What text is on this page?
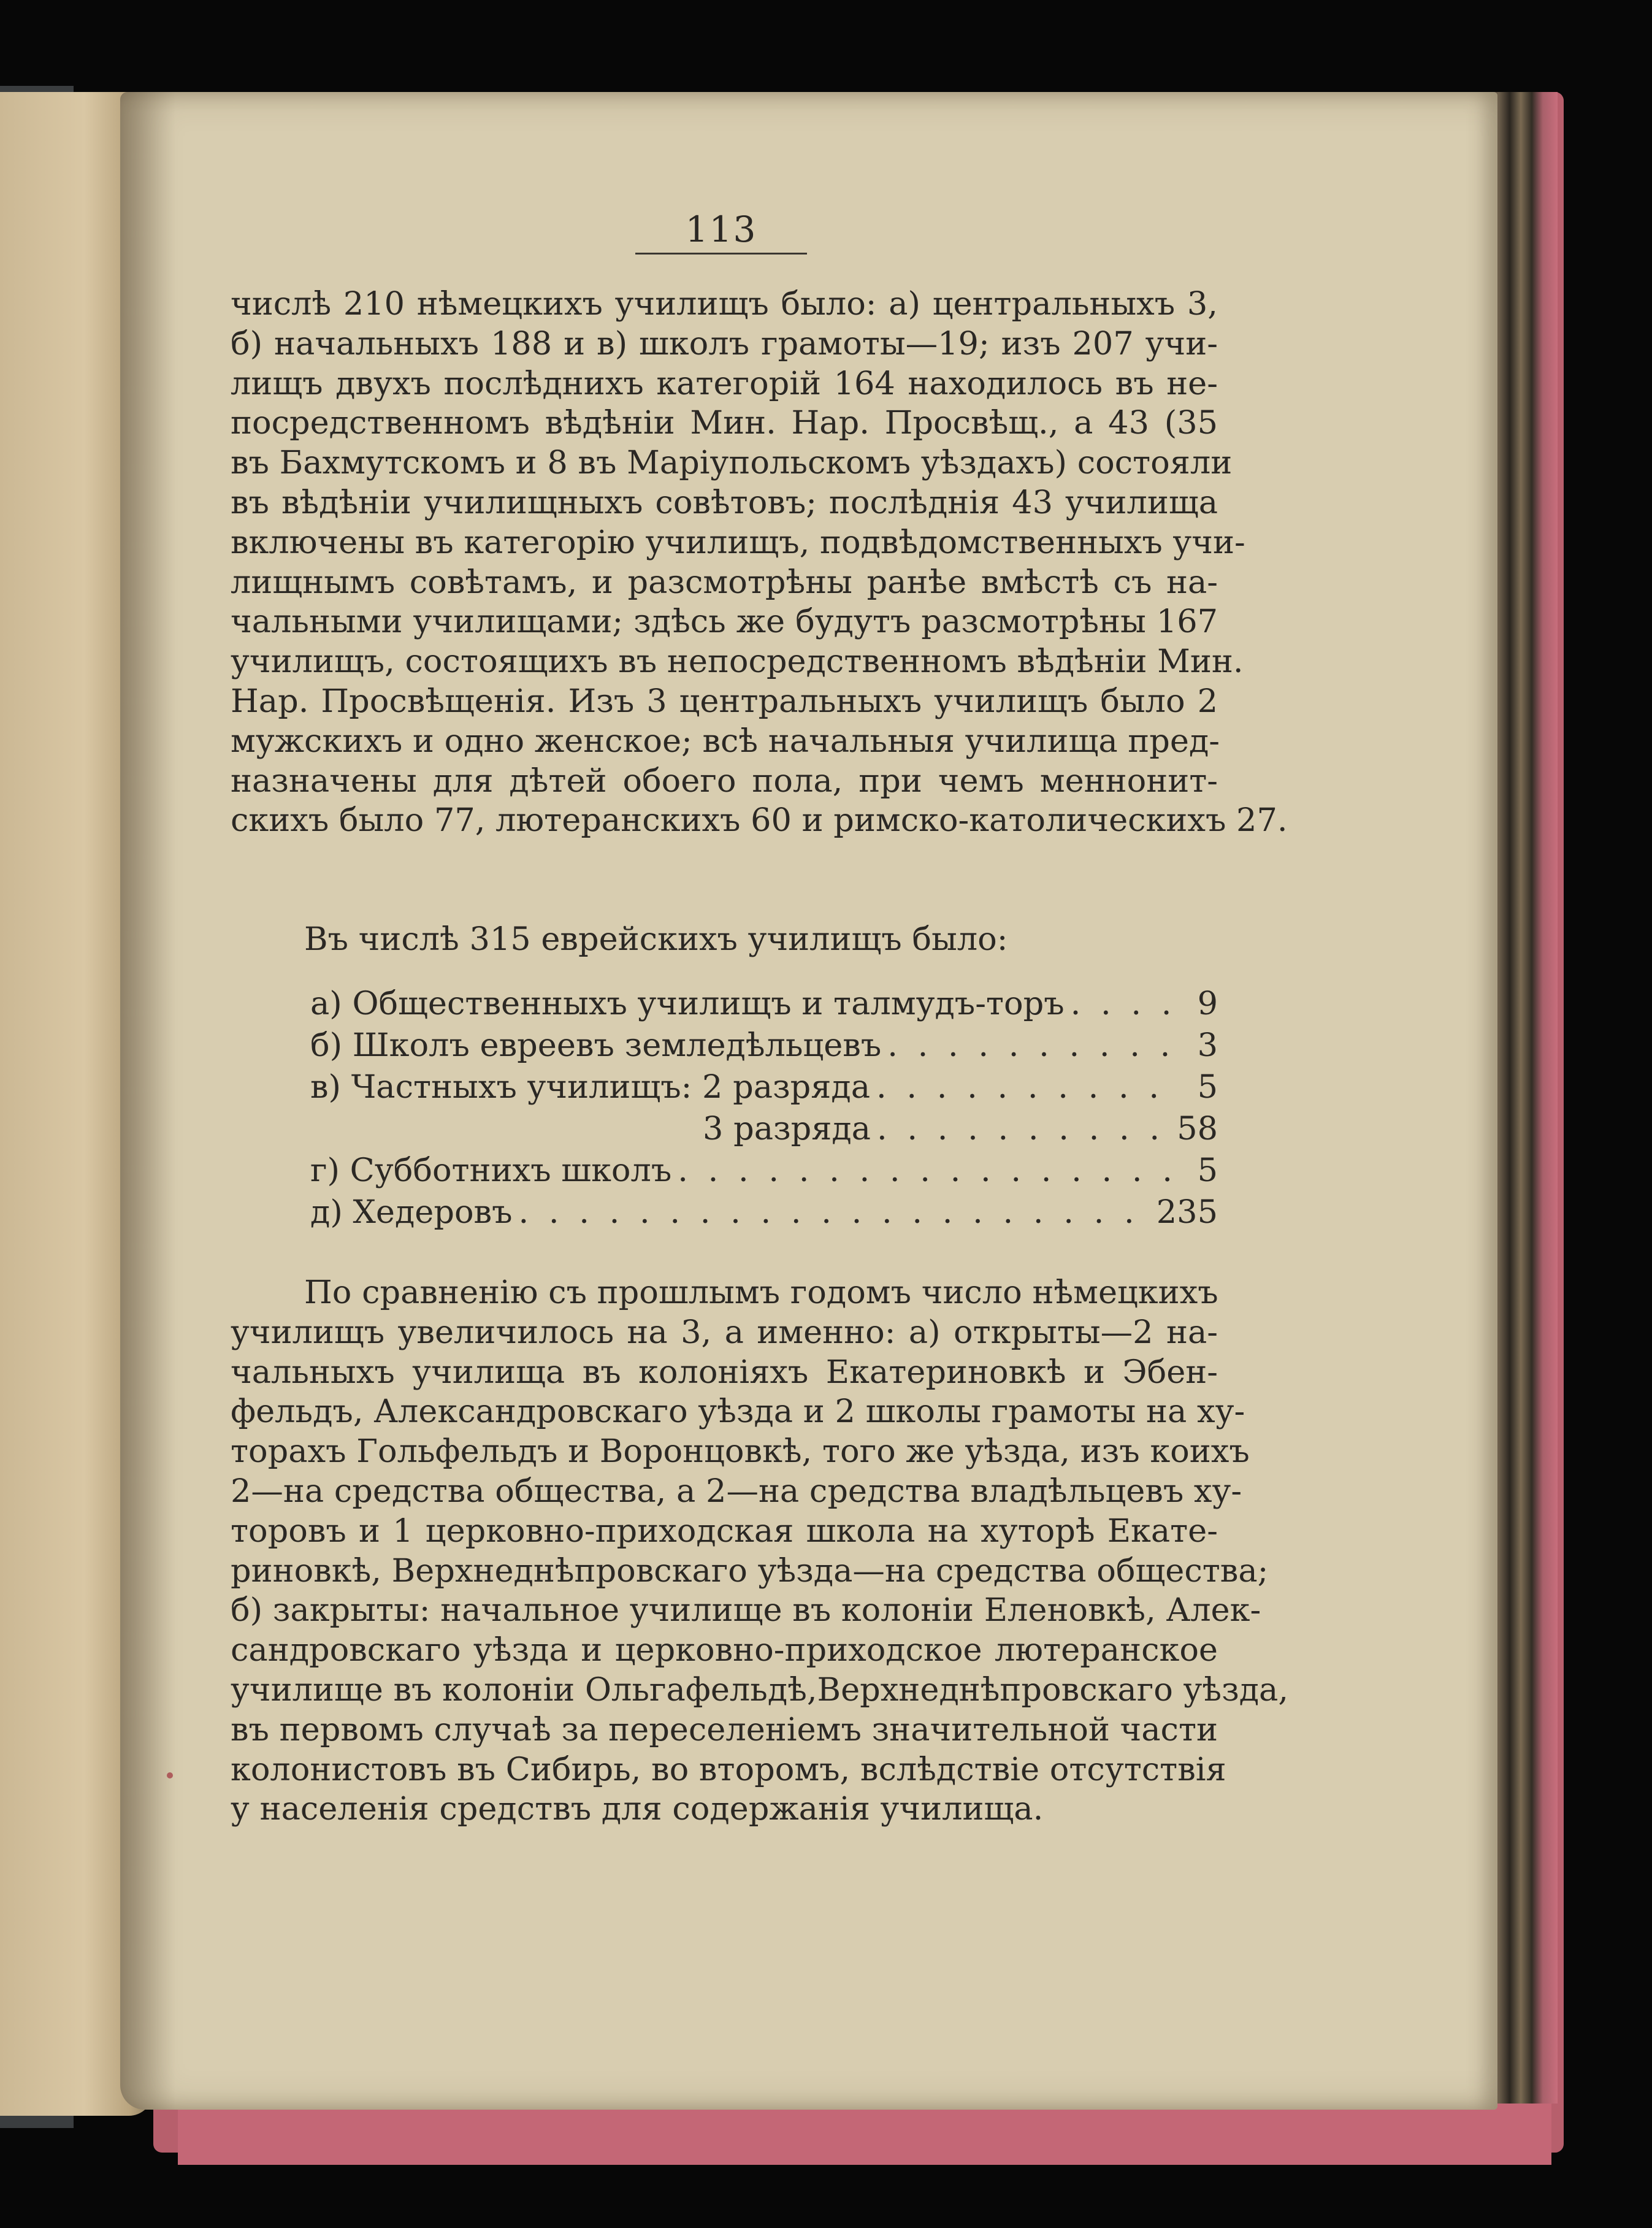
113
числѣ 210 нѣмецкихъ училищъ было: а) центральныхъ 3,
б) начальныхъ 188 и в) школъ грамоты—19; изъ 207 учи-
лищъ двухъ послѣднихъ категорій 164 находилось въ не-
посредственномъ вѣдѣніи Мин. Нар. Просвѣщ., а 43 (35
въ Бахмутскомъ и 8 въ Маріупольскомъ уѣздахъ) состояли
въ вѣдѣніи училищныхъ совѣтовъ; послѣднія 43 училища
включены въ категорію училищъ, подвѣдомственныхъ учи-
лищнымъ совѣтамъ, и разсмотрѣны ранѣе вмѣстѣ съ на-
чальными училищами; здѣсь же будутъ разсмотрѣны 167
училищъ, состоящихъ въ непосредственномъ вѣдѣніи Мин.
Нар. Просвѣщенія. Изъ 3 центральныхъ училищъ было 2
мужскихъ и одно женское; всѣ начальныя училища пред-
назначены для дѣтей обоего пола, при чемъ меннонит-
скихъ было 77, лютеранскихъ 60 и римско-католическихъ 27.
Въ числѣ 315 еврейскихъ училищъ было:
а) Общественныхъ училищъ и талмудъ-торъ . . .	9
б) Школъ евреевъ земледѣльцевъ . . .	3
в) Частныхъ училищъ: 2 разряда . . .	5
3 разряда . . .	58
г) Субботнихъ школъ . . .	5
д) Хедеровъ . . .	235
По сравненію съ прошлымъ годомъ число нѣмецкихъ
училищъ увеличилось на 3, а именно: а) открыты—2 на-
чальныхъ училища въ колоніяхъ Екатериновкѣ и Эбен-
фельдъ, Александровскаго уѣзда и 2 школы грамоты на ху-
торахъ Гольфельдъ и Воронцовкѣ, того же уѣзда, изъ коихъ
2—на средства общества, а 2—на средства владѣльцевъ ху-
торовъ и 1 церковно-приходская школа на хуторѣ Екате-
риновкѣ, Верхнеднѣпровскаго уѣзда—на средства общества;
б) закрыты: начальное училище въ колоніи Еленовкѣ, Алек-
сандровскаго уѣзда и церковно-приходское лютеранское
училище въ колоніи Ольгафельдѣ,Верхнеднѣпровскаго уѣзда,
въ первомъ случаѣ за переселеніемъ значительной части
колонистовъ въ Сибирь, во второмъ, вслѣдствіе отсутствія
у населенія средствъ для содержанія училища.
